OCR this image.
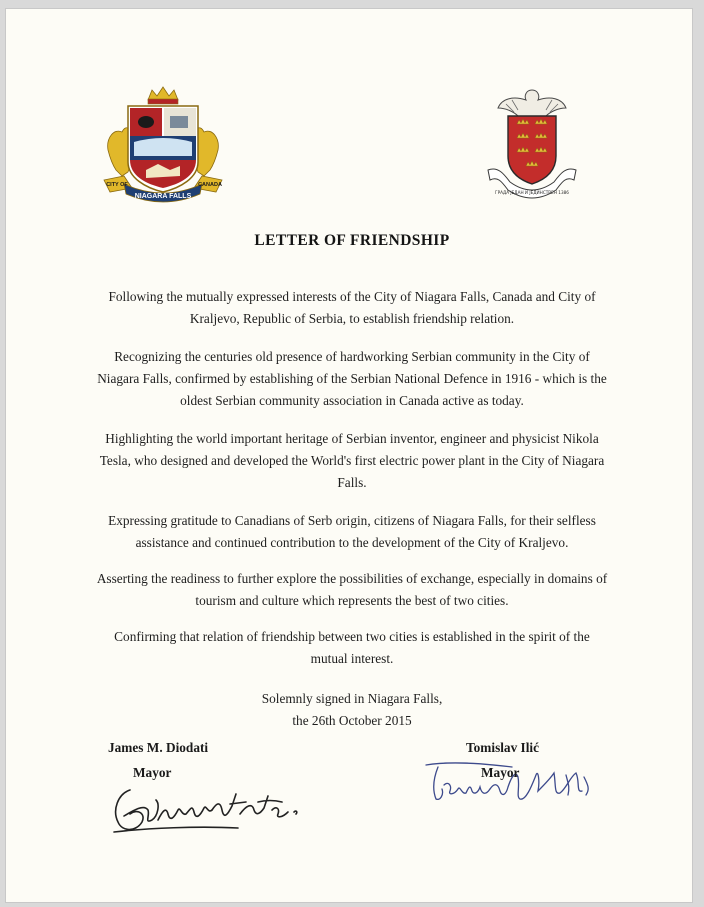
CITY OF
NIAGARA FALLS
CANADA
ГРАДА ЈЕДАН И ЈЕДИНСТВЕН 1386
LETTER OF FRIENDSHIP
Following the mutually expressed interests of the City of Niagara Falls, Canada and City of Kraljevo, Republic of Serbia, to establish friendship relation.
Recognizing the centuries old presence of hardworking Serbian community in the City of Niagara Falls, confirmed by establishing of the Serbian National Defence in 1916 - which is the oldest Serbian community association in Canada active as today.
Highlighting the world important heritage of Serbian inventor, engineer and physicist Nikola Tesla, who designed and developed the World's first electric power plant in the City of Niagara Falls.
Expressing gratitude to Canadians of Serb origin, citizens of Niagara Falls, for their selfless assistance and continued contribution to the development of the City of Kraljevo.
Asserting the readiness to further explore the possibilities of exchange, especially in domains of tourism and culture which represents the best of two cities.
Confirming that relation of friendship between two cities is established in the spirit of the mutual interest.
Solemnly signed in Niagara Falls,
the 26th October 2015
James M. Diodati
Mayor
Tomislav Ilić
Mayor
